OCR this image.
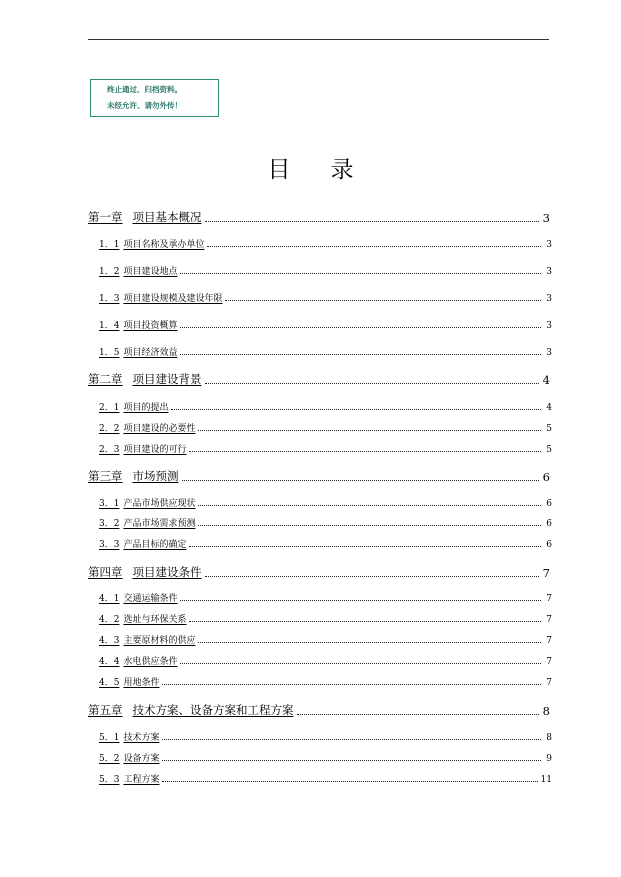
终止通过、归档资料。
未经允许、请勿外传！
目录
第一章 项目基本概况	3
1．1 项目名称及承办单位	3
1．2 项目建设地点	3
1．3 项目建设规模及建设年限	3
1．4 项目投资概算	3
1．5 项目经济效益	3
第二章 项目建设背景	4
2．1 项目的提出	4
2．2 项目建设的必要性	5
2．3 项目建设的可行	5
第三章 市场预测	6
3．1 产品市场供应现状	6
3．2 产品市场需求预测	6
3．3 产品目标的确定	6
第四章 项目建设条件	7
4．1 交通运输条件	7
4．2 选址与环保关系	7
4．3 主要原材料的供应	7
4．4 水电供应条件	7
4．5 用地条件	7
第五章 技术方案、设备方案和工程方案	8
5．1 技术方案	8
5．2 设备方案	9
5．3 工程方案	11
